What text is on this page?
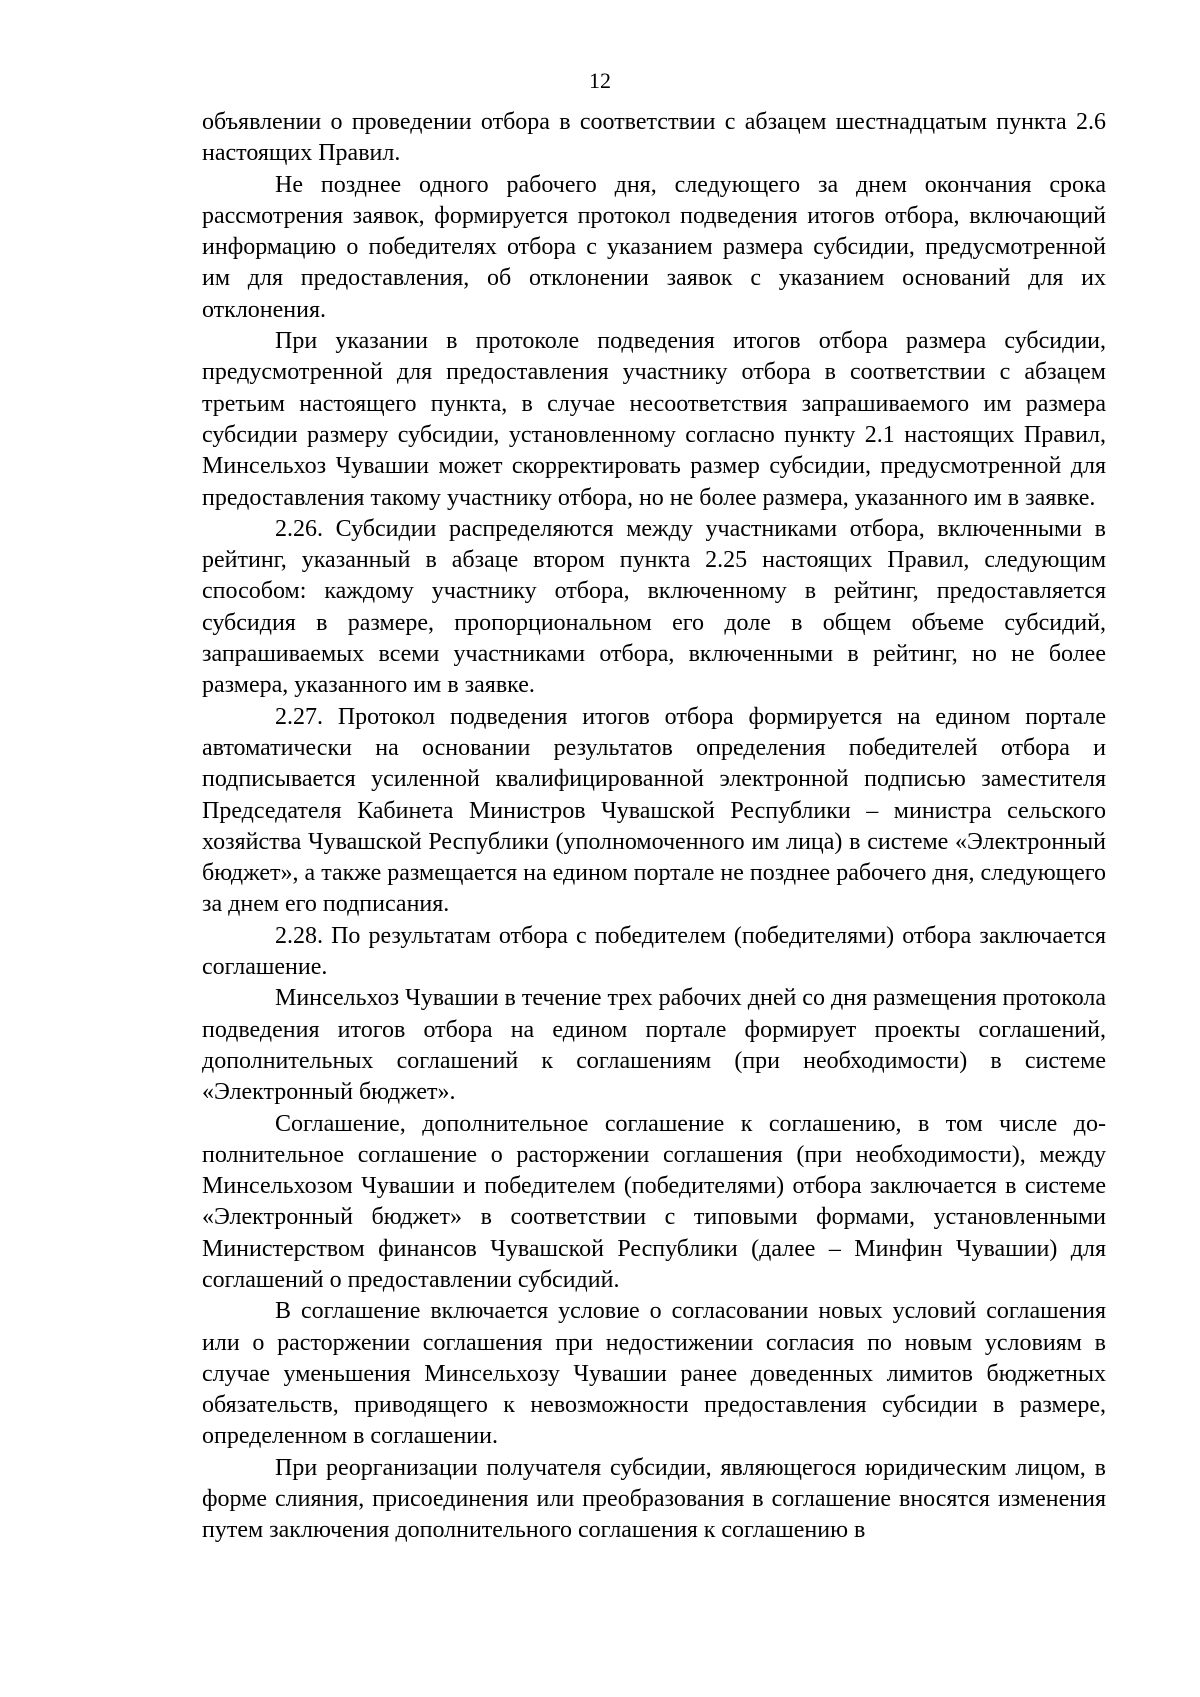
12

объявлении о проведении отбора в соответствии с абзацем шестнадцатым пункта 2.6 настоящих Правил.

Не позднее одного рабочего дня, следующего за днем окончания срока рассмотрения заявок, формируется протокол подведения итогов отбора, включающий информацию о победителях отбора с указанием размера субсидии, предусмотренной им для предоставления, об отклонении заявок с указанием оснований для их отклонения.

При указании в протоколе подведения итогов отбора размера субсидии, предусмотренной для предоставления участнику отбора в соответствии с абзацем третьим настоящего пункта, в случае несоответствия запрашиваемого им размера субсидии размеру субсидии, установленному согласно пункту 2.1 настоящих Правил, Минсельхоз Чувашии может скорректировать размер субсидии, предусмотренной для предоставления такому участнику отбора, но не более размера, указанного им в заявке.

2.26. Субсидии распределяются между участниками отбора, включенными в рейтинг, указанный в абзаце втором пункта 2.25 настоящих Правил, следующим способом: каждому участнику отбора, включенному в рейтинг, предоставляется субсидия в размере, пропорциональном его доле в общем объеме субсидий, запрашиваемых всеми участниками отбора, включенными в рейтинг, но не более размера, указанного им в заявке.

2.27. Протокол подведения итогов отбора формируется на едином портале автоматически на основании результатов определения победителей отбора и подписывается усиленной квалифицированной электронной подписью заместителя Председателя Кабинета Министров Чувашской Республики – министра сельского хозяйства Чувашской Республики (уполномоченного им лица) в системе «Электронный бюджет», а также размещается на едином портале не позднее рабочего дня, следующего за днем его подписания.

2.28. По результатам отбора с победителем (победителями) отбора заключается соглашение.

Минсельхоз Чувашии в течение трех рабочих дней со дня размещения протокола подведения итогов отбора на едином портале формирует проекты соглашений, дополнительных соглашений к соглашениям (при необходимости) в системе «Электронный бюджет».

Соглашение, дополнительное соглашение к соглашению, в том числе дополнительное соглашение о расторжении соглашения (при необходимости), между Минсельхозом Чувашии и победителем (победителями) отбора заключается в системе «Электронный бюджет» в соответствии с типовыми формами, установленными Министерством финансов Чувашской Республики (далее – Минфин Чувашии) для соглашений о предоставлении субсидий.

В соглашение включается условие о согласовании новых условий соглашения или о расторжении соглашения при недостижении согласия по новым условиям в случае уменьшения Минсельхозу Чувашии ранее доведенных лимитов бюджетных обязательств, приводящего к невозможности предоставления субсидии в размере, определенном в соглашении.

При реорганизации получателя субсидии, являющегося юридическим лицом, в форме слияния, присоединения или преобразования в соглашение вносятся изменения путем заключения дополнительного соглашения к соглашению в
